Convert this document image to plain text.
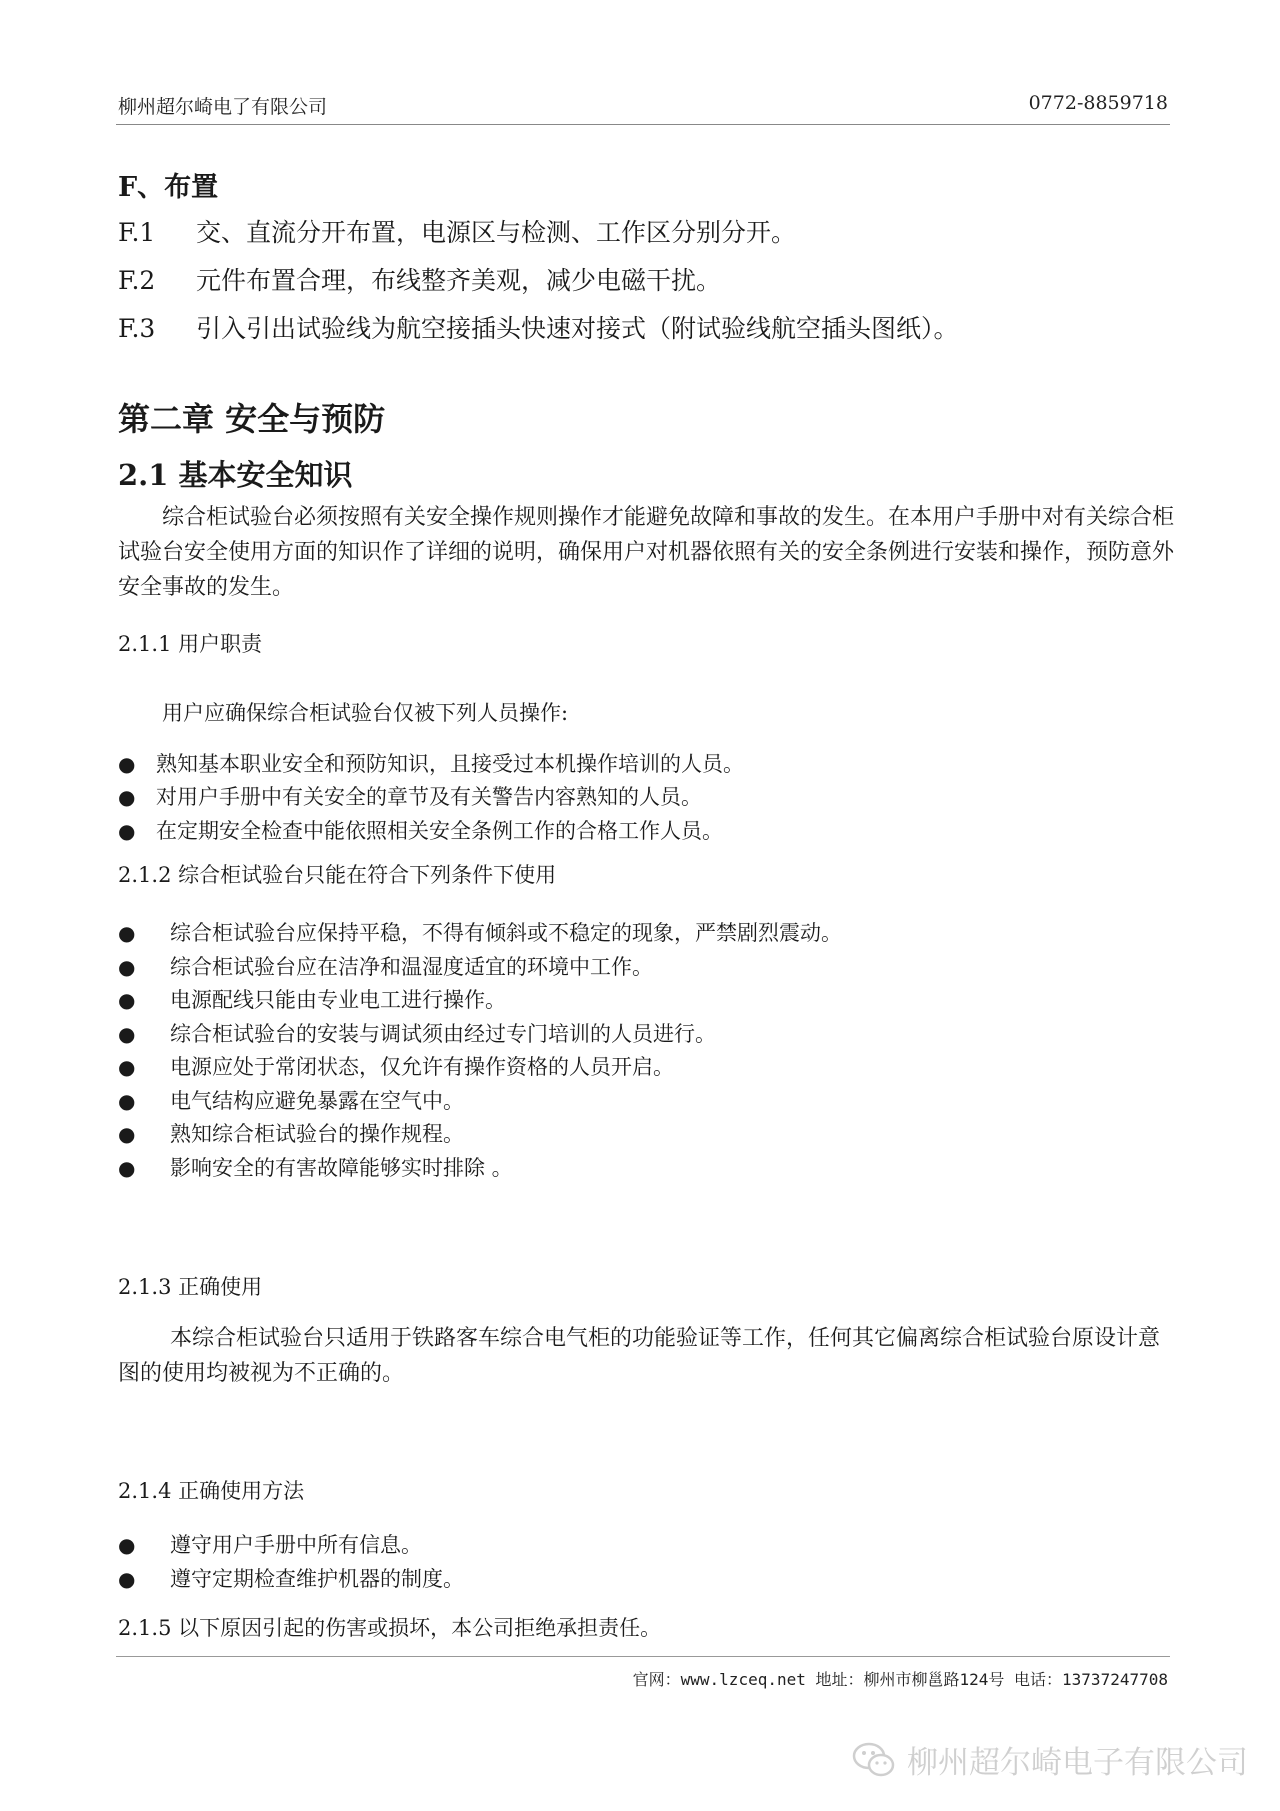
柳州超尔崎电了有限公司	0772-8859718
F、布置
F.1 交、直流分开布置，电源区与检测、工作区分别分开。
F.2 元件布置合理，布线整齐美观，减少电磁干扰。
F.3 引入引出试验线为航空接插头快速对接式（附试验线航空插头图纸）。
第二章 安全与预防
2.1 基本安全知识
综合柜试验台必须按照有关安全操作规则操作才能避免故障和事故的发生。在本用户手册中对有关综合柜试验台安全使用方面的知识作了详细的说明，确保用户对机器依照有关的安全条例进行安装和操作，预防意外安全事故的发生。
2.1.1 用户职责
用户应确保综合柜试验台仅被下列人员操作:
● 熟知基本职业安全和预防知识，且接受过本机操作培训的人员。
● 对用户手册中有关安全的章节及有关警告内容熟知的人员。
● 在定期安全检查中能依照相关安全条例工作的合格工作人员。
2.1.2 综合柜试验台只能在符合下列条件下使用
● 综合柜试验台应保持平稳，不得有倾斜或不稳定的现象，严禁剧烈震动。
● 综合柜试验台应在洁净和温湿度适宜的环境中工作。
● 电源配线只能由专业电工进行操作。
● 综合柜试验台的安装与调试须由经过专门培训的人员进行。
● 电源应处于常闭状态，仅允许有操作资格的人员开启。
● 电气结构应避免暴露在空气中。
● 熟知综合柜试验台的操作规程。
● 影响安全的有害故障能够实时排除 。
2.1.3 正确使用
本综合柜试验台只适用于铁路客车综合电气柜的功能验证等工作，任何其它偏离综合柜试验台原设计意图的使用均被视为不正确的。
2.1.4 正确使用方法
● 遵守用户手册中所有信息。
● 遵守定期检查维护机器的制度。
2.1.5 以下原因引起的伤害或损坏，本公司拒绝承担责任。
官网：www.lzceq.net 地址：柳州市柳邕路124号 电话：13737247708
柳州超尔崎电子有限公司
